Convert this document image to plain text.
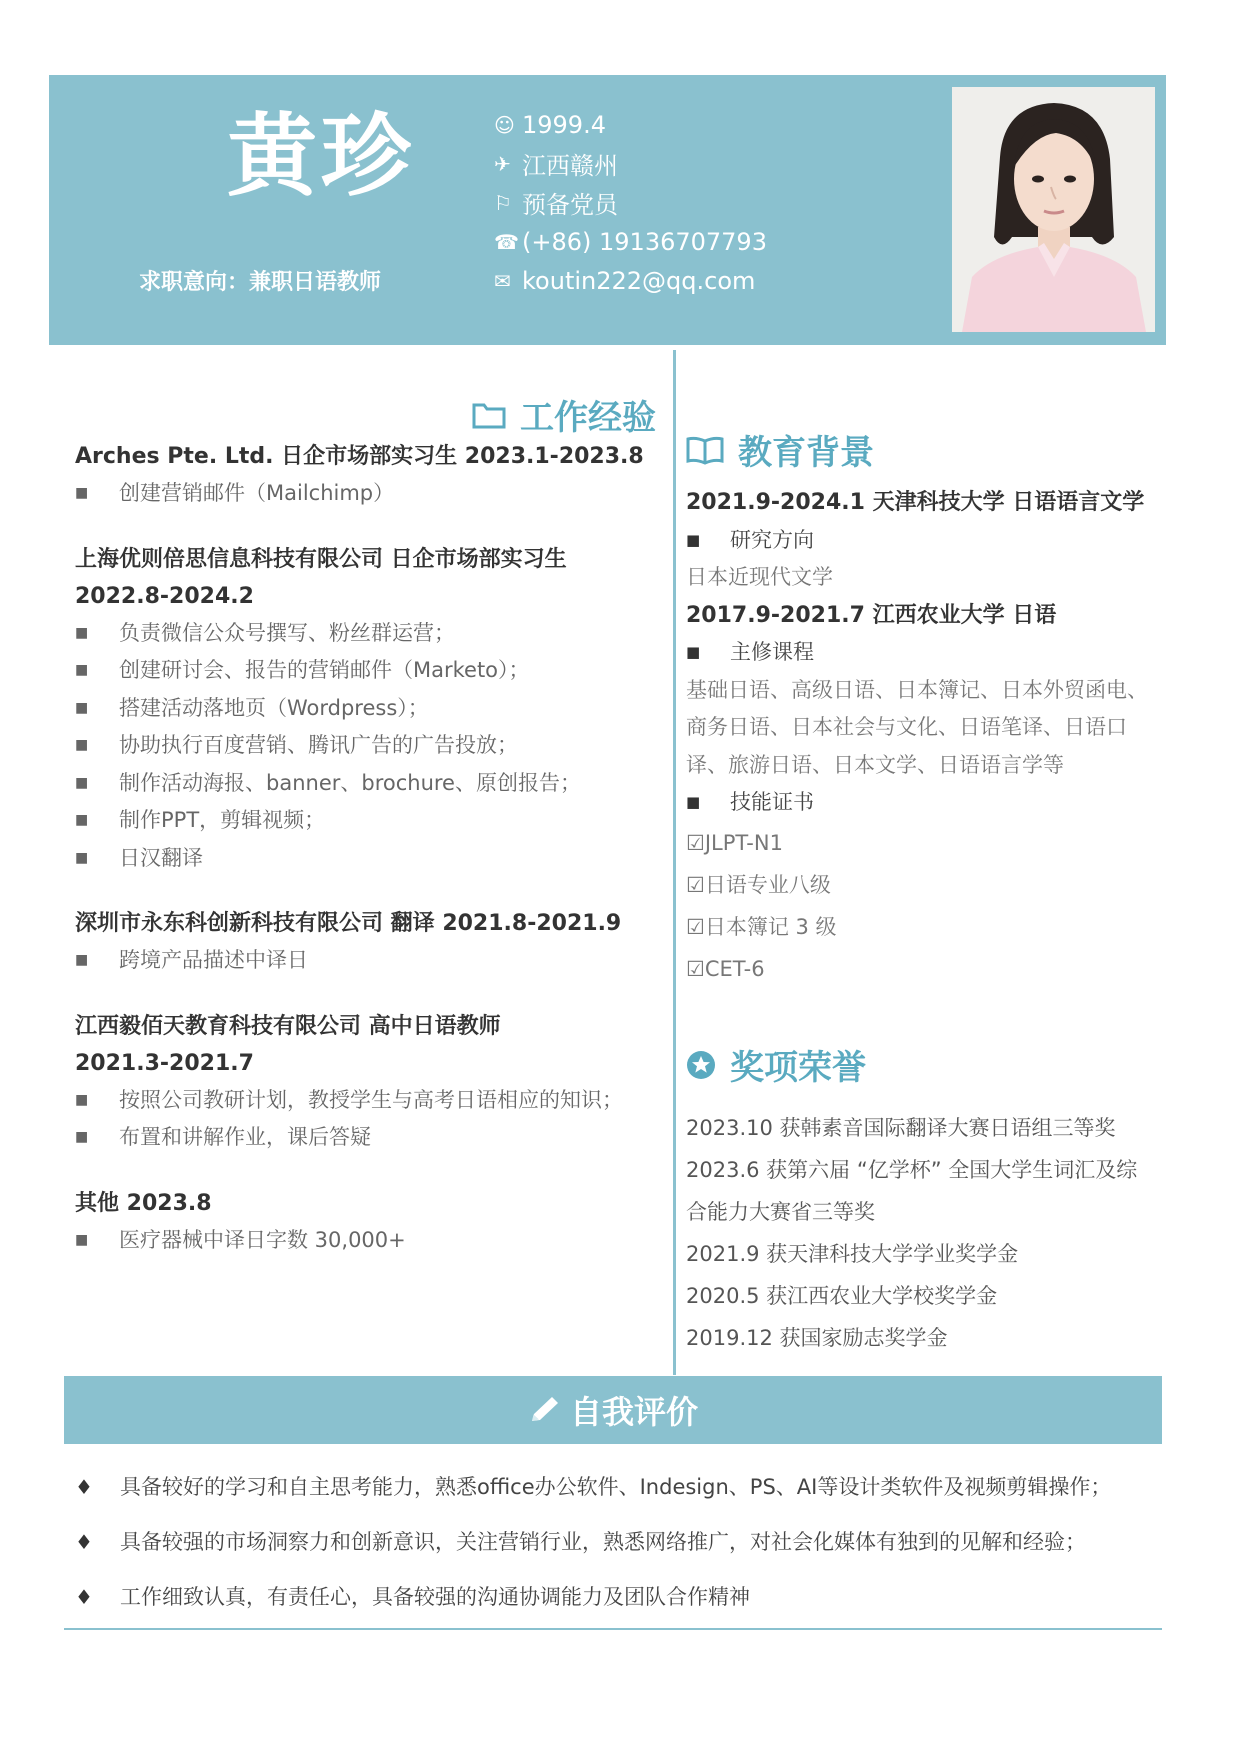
黄珍
求职意向：兼职日语教师
☺ 1999.4
✈ 江西赣州
⚐ 预备党员
☎ (+86) 19136707793
✉ koutin222@qq.com
工作经验
Arches Pte. Ltd. 日企市场部实习生 2023.1-2023.8
■	创建营销邮件（Mailchimp）
上海优则倍思信息科技有限公司 日企市场部实习生 2022.8-2024.2
■	负责微信公众号撰写、粉丝群运营；
■	创建研讨会、报告的营销邮件（Marketo）；
■	搭建活动落地页（Wordpress）；
■	协助执行百度营销、腾讯广告的广告投放；
■	制作活动海报、banner、brochure、原创报告；
■	制作PPT，剪辑视频；
■	日汉翻译
深圳市永东科创新科技有限公司 翻译 2021.8-2021.9
■	跨境产品描述中译日
江西毅佰天教育科技有限公司 高中日语教师 2021.3-2021.7
■	按照公司教研计划，教授学生与高考日语相应的知识；
■	布置和讲解作业，课后答疑
其他 2023.8
■	医疗器械中译日字数 30,000+
教育背景
2021.9-2024.1 天津科技大学 日语语言文学
■	研究方向
日本近现代文学
2017.9-2021.7 江西农业大学 日语
■	主修课程
基础日语、高级日语、日本簿记、日本外贸函电、商务日语、日本社会与文化、日语笔译、日语口译、旅游日语、日本文学、日语语言学等
■	技能证书
☑JLPT-N1
☑日语专业八级
☑日本簿记 3 级
☑CET-6
奖项荣誉
2023.10 获韩素音国际翻译大赛日语组三等奖
2023.6 获第六届 “亿学杯” 全国大学生词汇及综合能力大赛省三等奖
2021.9 获天津科技大学学业奖学金
2020.5 获江西农业大学校奖学金
2019.12 获国家励志奖学金
自我评价
♦	具备较好的学习和自主思考能力，熟悉office办公软件、Indesign、PS、AI等设计类软件及视频剪辑操作；
♦	具备较强的市场洞察力和创新意识，关注营销行业，熟悉网络推广，对社会化媒体有独到的见解和经验；
♦	工作细致认真，有责任心，具备较强的沟通协调能力及团队合作精神
